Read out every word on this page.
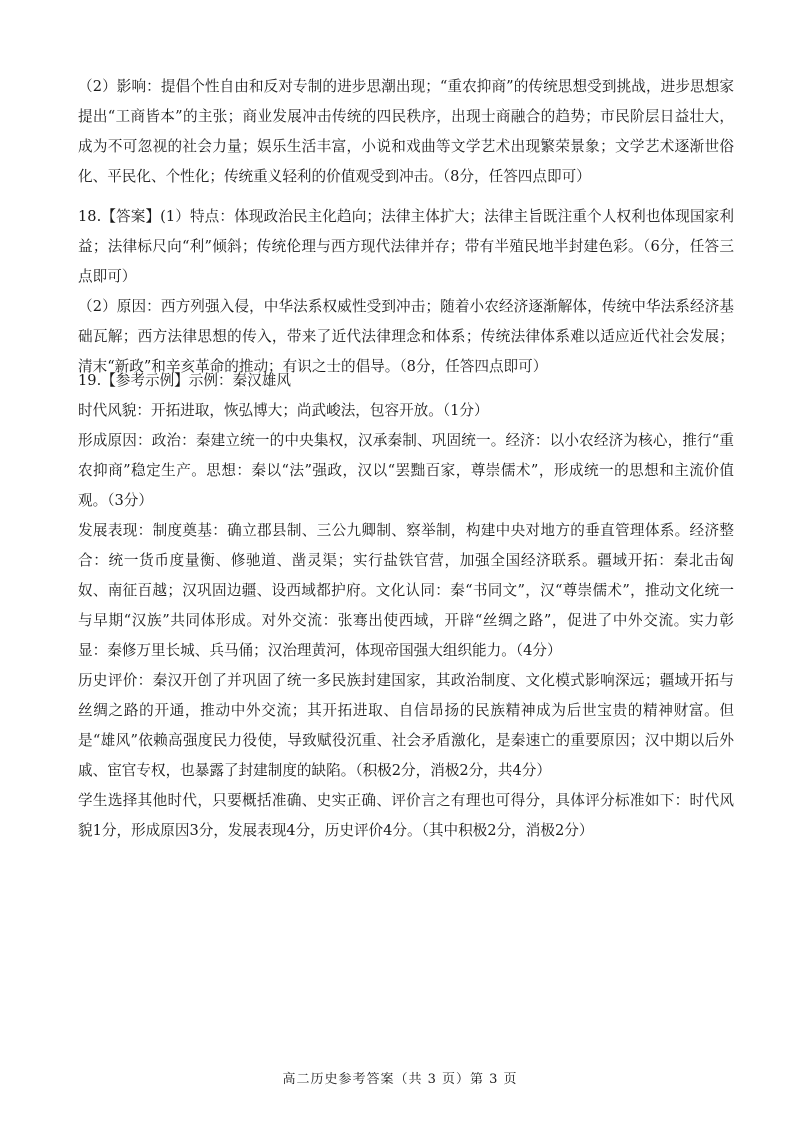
（2）影响：提倡个性自由和反对专制的进步思潮出现；“重农抑商”的传统思想受到挑战，进步思想家提出“工商皆本”的主张；商业发展冲击传统的四民秩序，出现士商融合的趋势；市民阶层日益壮大，成为不可忽视的社会力量；娱乐生活丰富，小说和戏曲等文学艺术出现繁荣景象；文学艺术逐渐世俗化、平民化、个性化；传统重义轻利的价值观受到冲击。（8分，任答四点即可）

18.【答案】(1）特点：体现政治民主化趋向；法律主体扩大；法律主旨既注重个人权利也体现国家利益；法律标尺向“利”倾斜；传统伦理与西方现代法律并存；带有半殖民地半封建色彩。（6分，任答三点即可）

（2）原因：西方列强入侵，中华法系权威性受到冲击；随着小农经济逐渐解体，传统中华法系经济基础瓦解；西方法律思想的传入，带来了近代法律理念和体系；传统法律体系难以适应近代社会发展；清末“新政”和辛亥革命的推动；有识之士的倡导。（8分，任答四点即可）

19.【参考示例】示例：秦汉雄风

时代风貌：开拓进取，恢弘博大；尚武峻法，包容开放。（1分）

形成原因：政治：秦建立统一的中央集权，汉承秦制、巩固统一。经济：以小农经济为核心，推行“重农抑商”稳定生产。思想：秦以“法”强政，汉以“罢黜百家，尊崇儒术”，形成统一的思想和主流价值观。（3分）

发展表现：制度奠基：确立郡县制、三公九卿制、察举制，构建中央对地方的垂直管理体系。经济整合：统一货币度量衡、修驰道、凿灵渠；实行盐铁官营，加强全国经济联系。疆域开拓：秦北击匈奴、南征百越；汉巩固边疆、设西域都护府。文化认同：秦“书同文”，汉“尊崇儒术”，推动文化统一与早期“汉族”共同体形成。对外交流：张骞出使西域，开辟“丝绸之路”，促进了中外交流。实力彰显：秦修万里长城、兵马俑；汉治理黄河，体现帝国强大组织能力。（4分）

历史评价：秦汉开创了并巩固了统一多民族封建国家，其政治制度、文化模式影响深远；疆域开拓与丝绸之路的开通，推动中外交流；其开拓进取、自信昂扬的民族精神成为后世宝贵的精神财富。但是“雄风”依赖高强度民力役使，导致赋役沉重、社会矛盾激化，是秦速亡的重要原因；汉中期以后外戚、宦官专权，也暴露了封建制度的缺陷。（积极2分，消极2分，共4分）

学生选择其他时代，只要概括准确、史实正确、评价言之有理也可得分，具体评分标准如下：时代风貌1分，形成原因3分，发展表现4分，历史评价4分。（其中积极2分，消极2分）

高二历史参考答案（共 3 页）第 3 页
